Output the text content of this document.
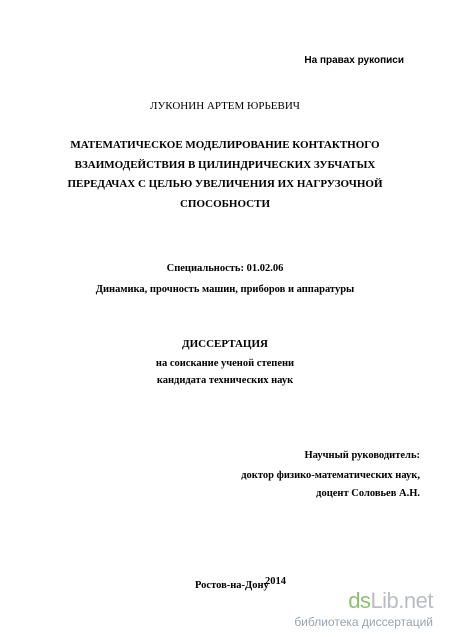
На правах рукописи
ЛУКОНИН АРТЕМ ЮРЬЕВИЧ
МАТЕМАТИЧЕСКОЕ МОДЕЛИРОВАНИЕ КОНТАКТНОГО
ВЗАИМОДЕЙСТВИЯ В ЦИЛИНДРИЧЕСКИХ ЗУБЧАТЫХ
ПЕРЕДАЧАХ С ЦЕЛЬЮ УВЕЛИЧЕНИЯ ИХ НАГРУЗОЧНОЙ
СПОСОБНОСТИ
Специальность: 01.02.06
Динамика, прочность машин, приборов и аппаратуры
ДИССЕРТАЦИЯ
на соискание ученой степени
кандидата технических наук
Научный руководитель:
доктор физико-математических наук,
доцент Соловьев А.Н.
Ростов-на-Дону
2014
dsLib.net
библиотека диссертаций
